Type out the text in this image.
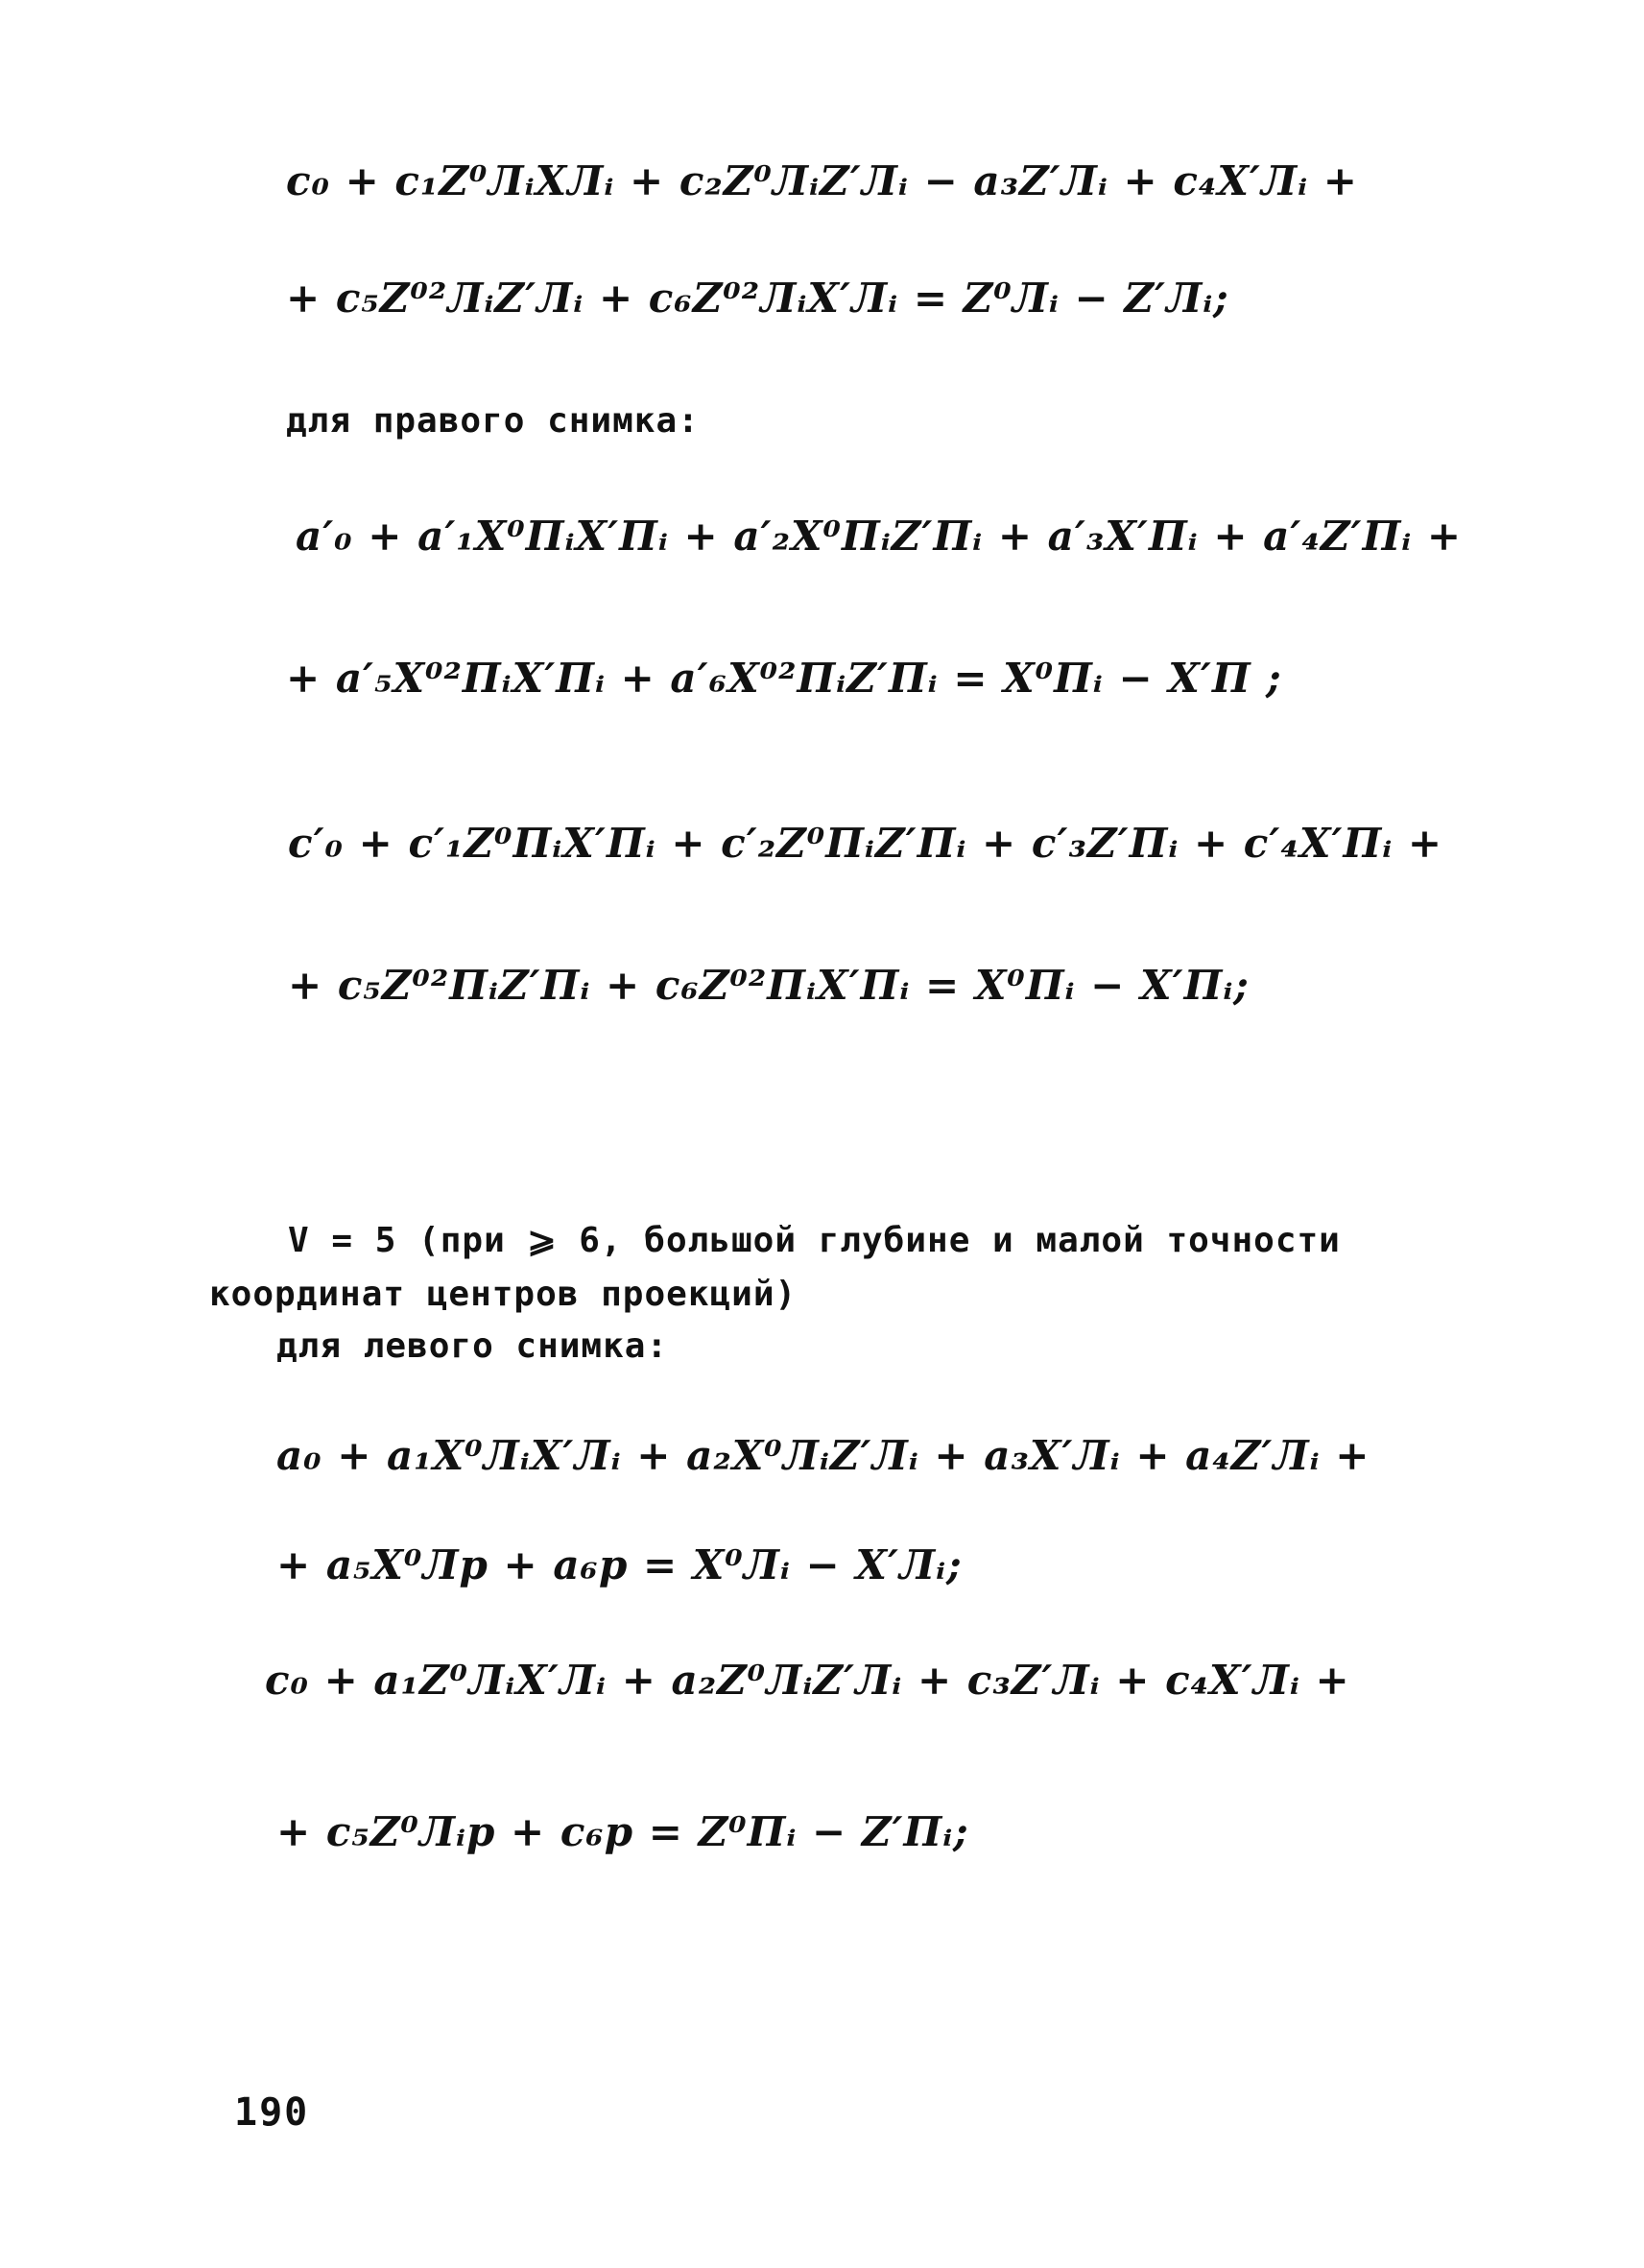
c₀ + c₁Z⁰ЛᵢXЛᵢ + c₂Z⁰ЛᵢZ′Лᵢ − a₃Z′Лᵢ + c₄X′Лᵢ +

+ c₅Z⁰²ЛᵢZ′Лᵢ + c₆Z⁰²ЛᵢX′Лᵢ = Z⁰Лᵢ − Z′Лᵢ;

для правого снимка:

a′₀ + a′₁X⁰ПᵢX′Пᵢ + a′₂X⁰ПᵢZ′Пᵢ + a′₃X′Пᵢ + a′₄Z′Пᵢ +

+ a′₅X⁰²ПᵢX′Пᵢ + a′₆X⁰²ПᵢZ′Пᵢ = X⁰Пᵢ − X′П ;

c′₀ + c′₁Z⁰ПᵢX′Пᵢ + c′₂Z⁰ПᵢZ′Пᵢ + c′₃Z′Пᵢ + c′₄X′Пᵢ +

+ c₅Z⁰²ПᵢZ′Пᵢ + c₆Z⁰²ПᵢX′Пᵢ = X⁰Пᵢ − X′Пᵢ;

V = 5 (при ⩾ 6, большой глубине и малой точности

координат центров проекций)

для левого снимка:

a₀ + a₁X⁰ЛᵢX′Лᵢ + a₂X⁰ЛᵢZ′Лᵢ + a₃X′Лᵢ + a₄Z′Лᵢ +

+ a₅X⁰Лp + a₆p = X⁰Лᵢ − X′Лᵢ;

c₀ + a₁Z⁰ЛᵢX′Лᵢ + a₂Z⁰ЛᵢZ′Лᵢ + c₃Z′Лᵢ + c₄X′Лᵢ +

+ c₅Z⁰Лᵢp + c₆p = Z⁰Пᵢ − Z′Пᵢ;

190
